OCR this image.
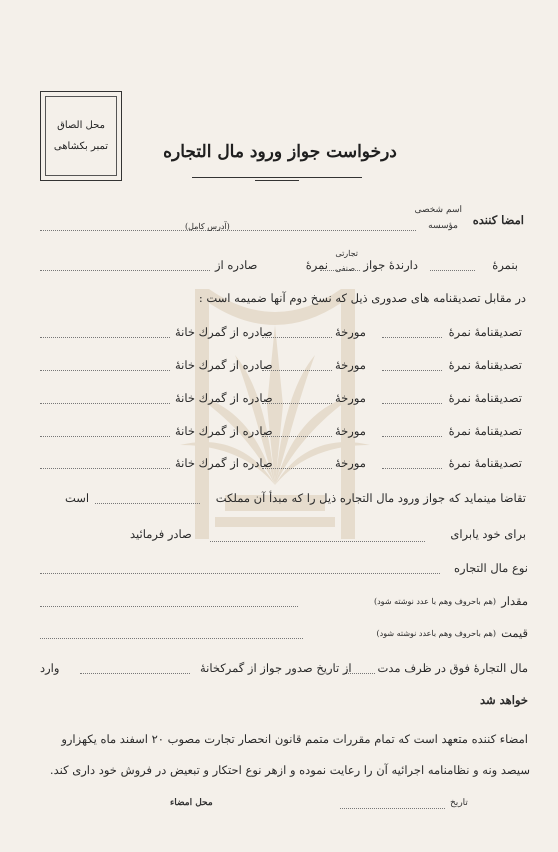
محل الصاق
تمبر بکشاهی	درخواست جواز ورود مال التجاره
امضا کننده
اسم شخصی
مؤسسه
(آدرس کامل)
بنمرهٔ
دارندهٔ جواز
تجارتی
صنفی
نمرهٔ
صادره از
در مقابل تصدیقنامه های صدوری ذیل که نسخ دوم آنها ضمیمه است :
تصدیقنامهٔ نمرهٔ
مورخهٔ
صادره از گمرك خانهٔ
تصدیقنامهٔ نمرهٔ
مورخهٔ
صادره از گمرك خانهٔ
تصدیقنامهٔ نمرهٔ
مورخهٔ
صادره از گمرك خانهٔ
تصدیقنامهٔ نمرهٔ
مورخهٔ
صادره از گمرك خانهٔ
تصدیقنامهٔ نمرهٔ
مورخهٔ
صادره از گمرك خانهٔ
تقاضا مینماید که جواز ورود مال التجاره ذیل را که مبدأ آن مملکت
است
برای خود یابرای
صادر فرمائید
نوع مال التجاره
مقدار
(هم باحروف وهم با عدد نوشته شود)
قیمت
(هم باحروف وهم باعدد نوشته شود)
مال التجارهٔ فوق در ظرف مدت
از تاریخ صدور جواز از گمرکخانهٔ
وارد
خواهد شد
امضاء کننده متعهد است که تمام مقررات متمم قانون انحصار تجارت مصوب ۲۰ اسفند ماه یکهزارو
سیصد ونه و نظامنامه اجرائیه آن را رعایت نموده و ازهر نوع احتکار و تبعیض در فروش خود داری کند.
تاریخ
محل امضاء
